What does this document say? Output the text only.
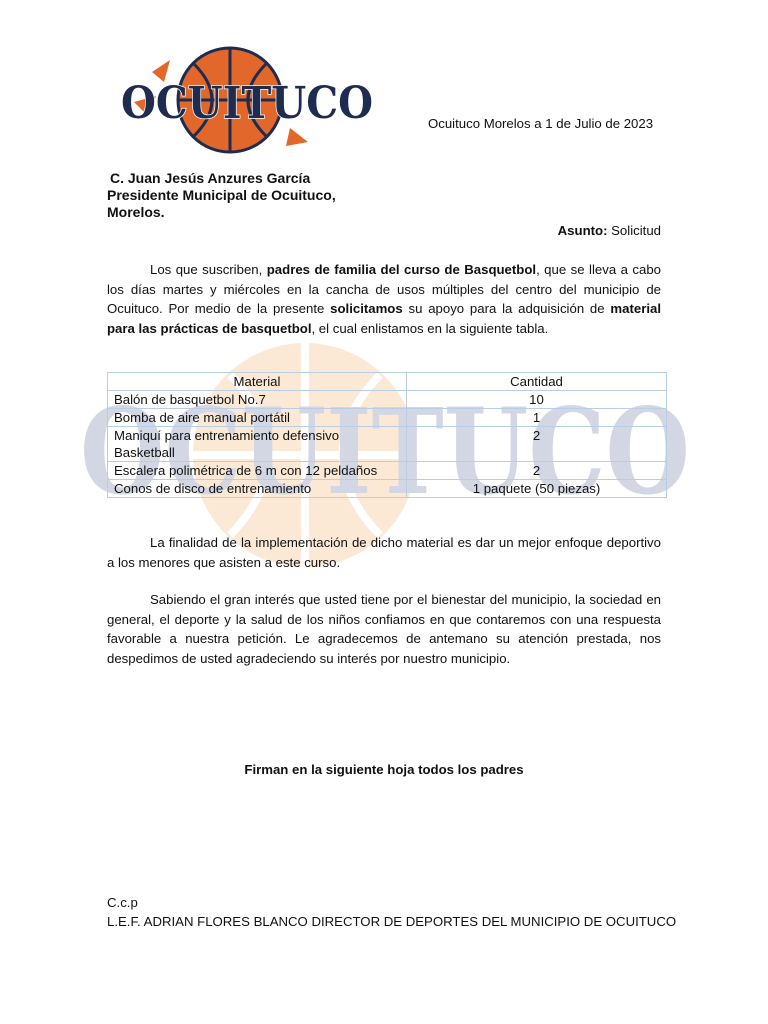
OCUITUCO
OCUITUCO	Ocuituco Morelos a 1 de Julio de 2023
C. Juan Jesús Anzures García
Presidente Municipal de Ocuituco,
Morelos.
Asunto: Solicitud
Los que suscriben, padres de familia del curso de Basquetbol, que se lleva a cabo los días martes y miércoles en la cancha de usos múltiples del centro del municipio de Ocuituco. Por medio de la presente solicitamos su apoyo para la adquisición de material para las prácticas de basquetbol, el cual enlistamos en la siguiente tabla.
Material	Cantidad
Balón de basquetbol No.7	10
Bomba de aire manual portátil	1
Maniquí para entrenamiento defensivo Basketball	2
Escalera polimétrica de 6 m con 12 peldaños	2
Conos de disco de entrenamiento	1 paquete (50 piezas)
La finalidad de la implementación de dicho material es dar un mejor enfoque deportivo a los menores que asisten a este curso.
Sabiendo el gran interés que usted tiene por el bienestar del municipio, la sociedad en general, el deporte y la salud de los niños confiamos en que contaremos con una respuesta favorable a nuestra petición. Le agradecemos de antemano su atención prestada, nos despedimos de usted agradeciendo su interés por nuestro municipio.
Firman en la siguiente hoja todos los padres
C.c.p
L.E.F. ADRIAN FLORES BLANCO DIRECTOR DE DEPORTES DEL MUNICIPIO DE OCUITUCO
